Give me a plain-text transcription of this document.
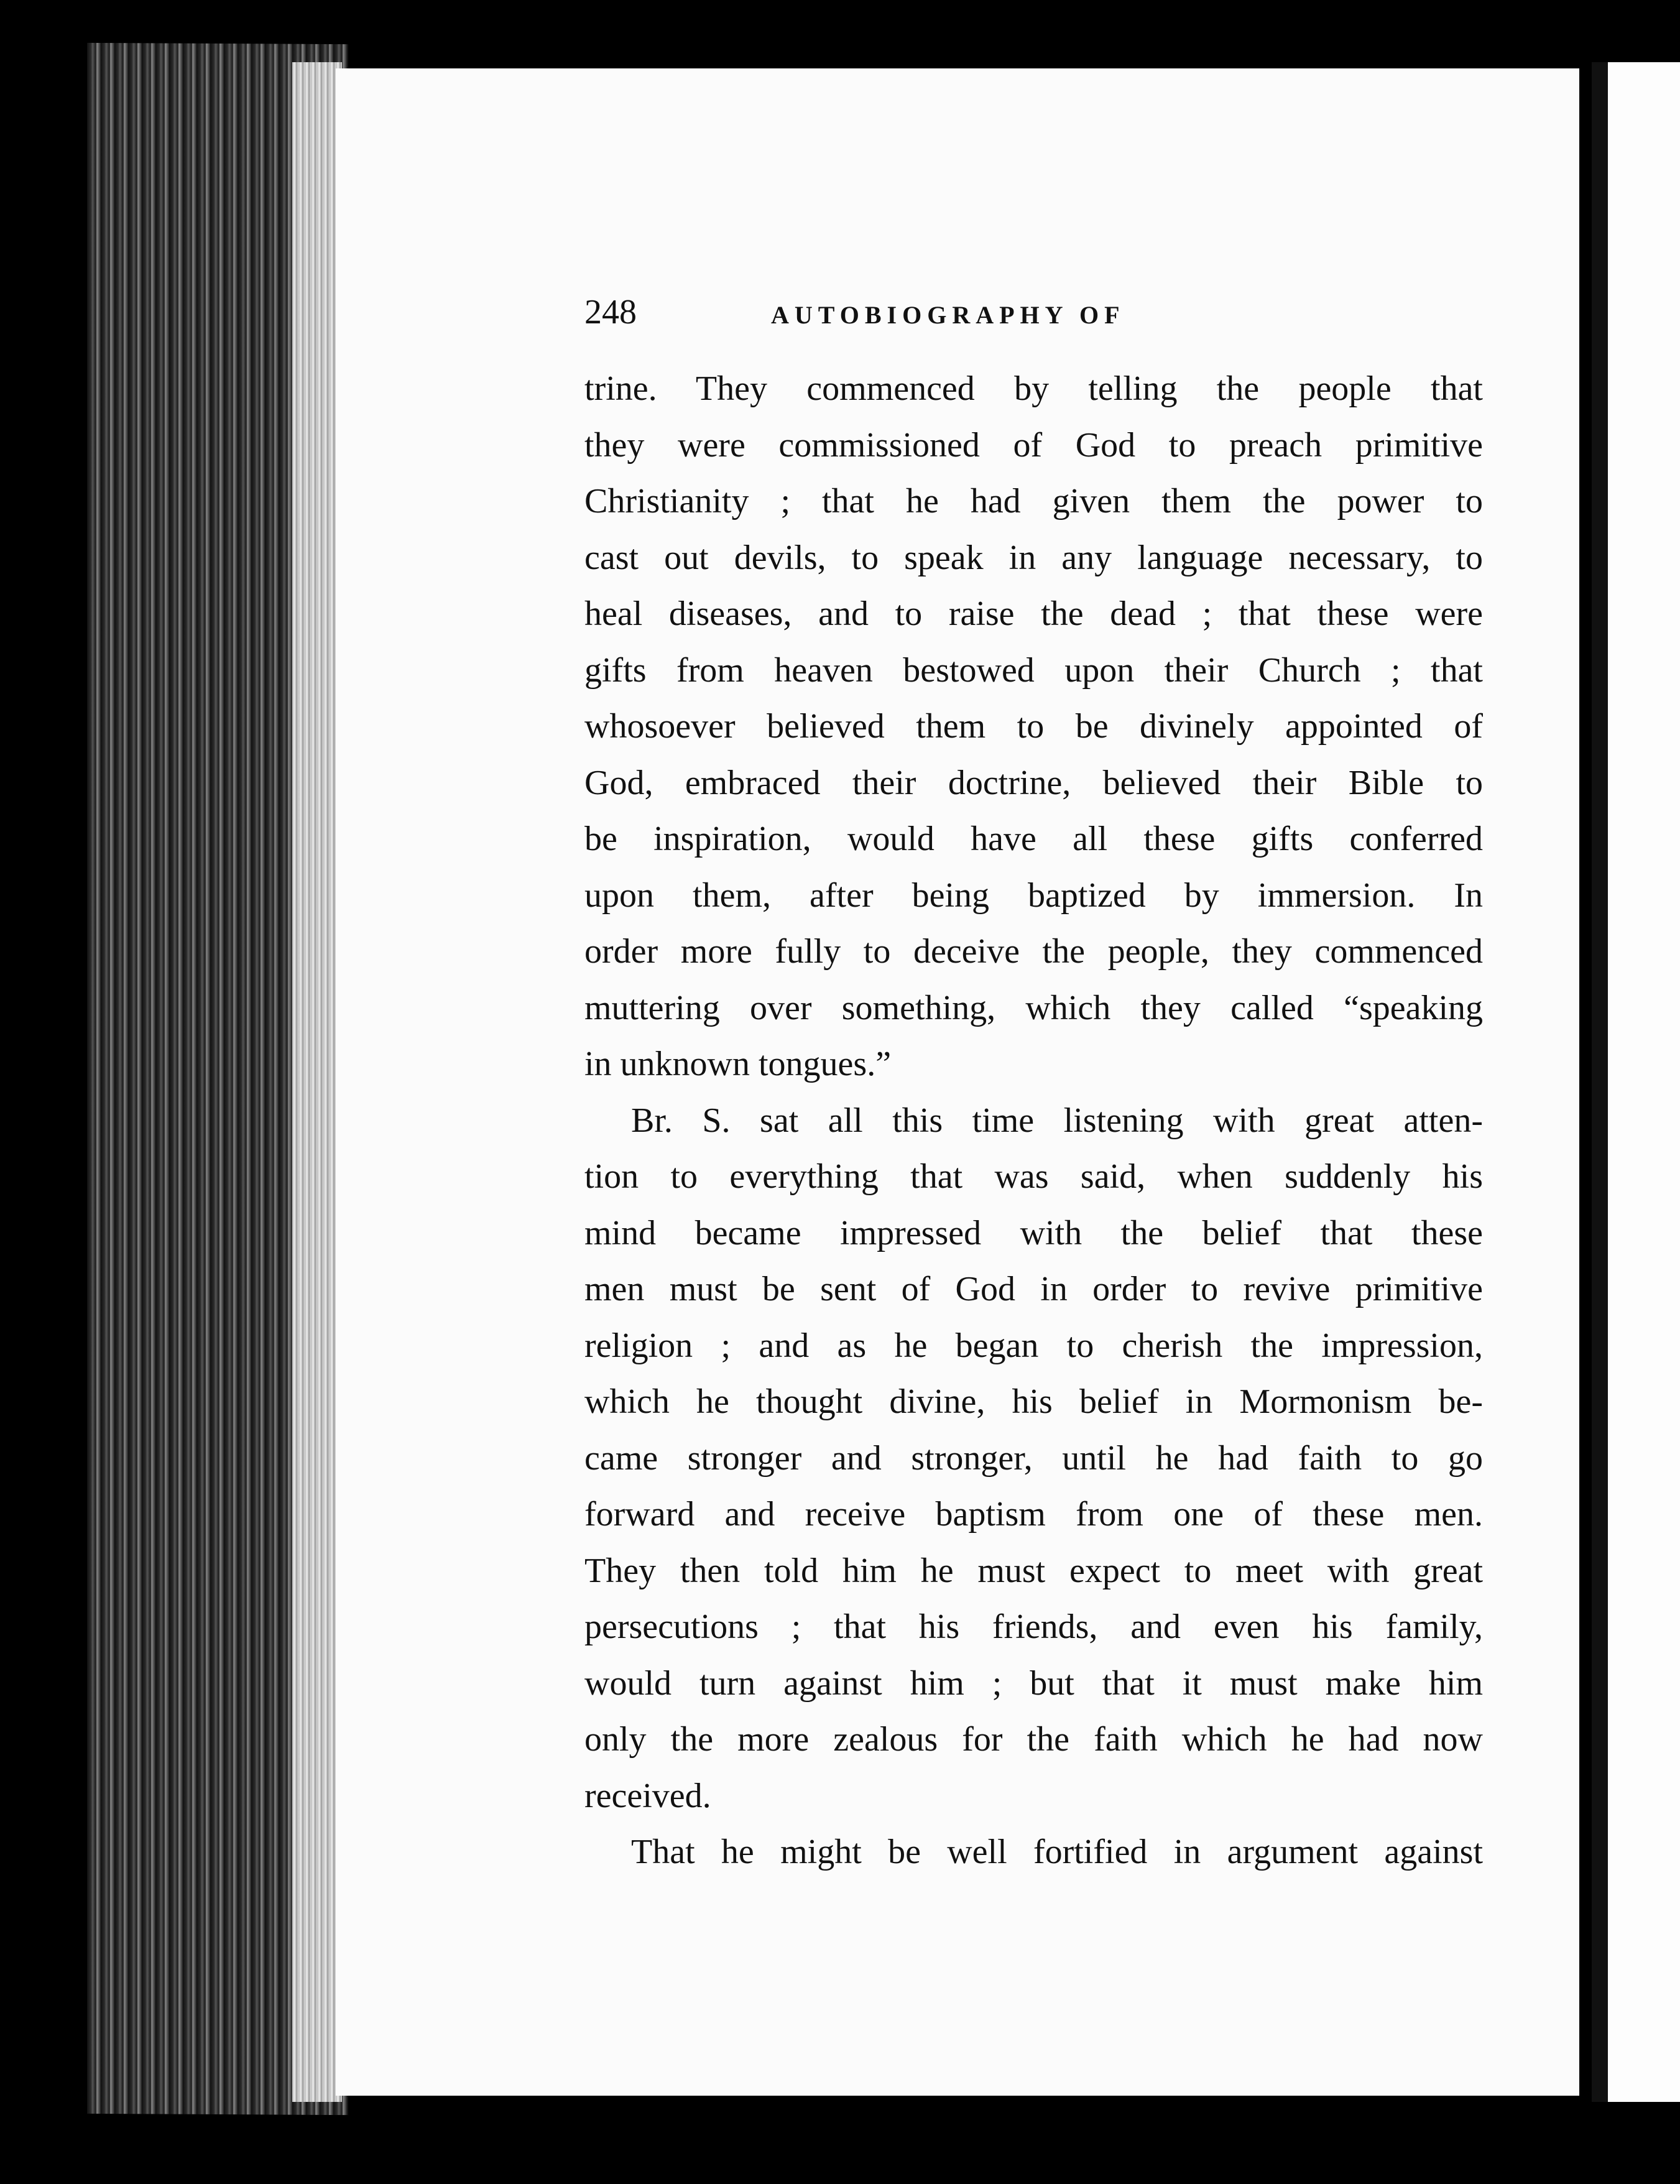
248	AUTOBIOGRAPHY OF
trine. They commenced by telling the people that
they were commissioned of God to preach primitive
Christianity ; that he had given them the power to
cast out devils, to speak in any language necessary, to
heal diseases, and to raise the dead ; that these were
gifts from heaven bestowed upon their Church ; that
whosoever believed them to be divinely appointed of
God, embraced their doctrine, believed their Bible to
be inspiration, would have all these gifts conferred
upon them, after being baptized by immersion. In
order more fully to deceive the people, they commenced
muttering over something, which they called “speaking
in unknown tongues.”
Br. S. sat all this time listening with great atten-
tion to everything that was said, when suddenly his
mind became impressed with the belief that these
men must be sent of God in order to revive primitive
religion ; and as he began to cherish the impression,
which he thought divine, his belief in Mormonism be-
came stronger and stronger, until he had faith to go
forward and receive baptism from one of these men.
They then told him he must expect to meet with great
persecutions ; that his friends, and even his family,
would turn against him ; but that it must make him
only the more zealous for the faith which he had now
received.
That he might be well fortified in argument against
